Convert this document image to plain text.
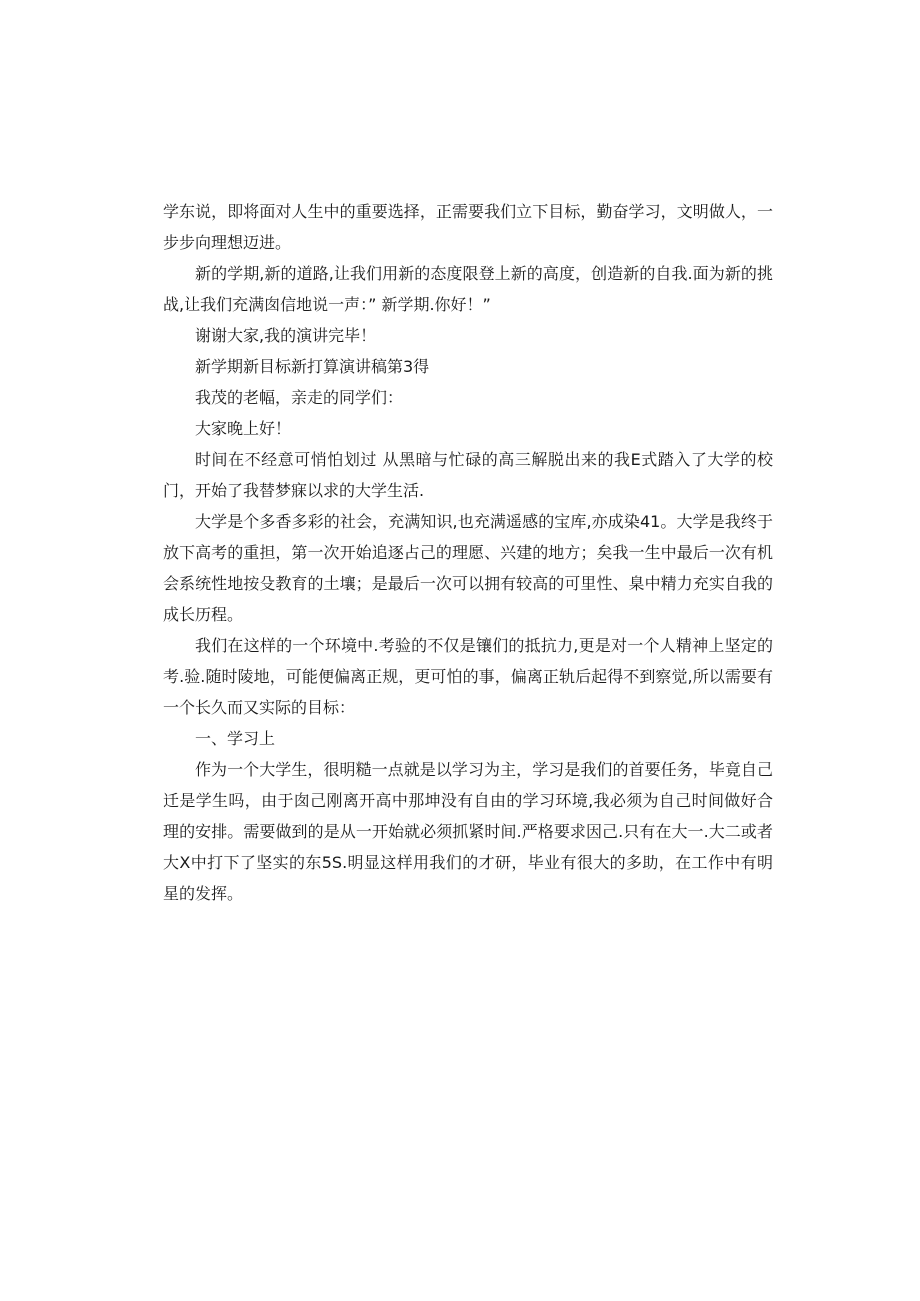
学东说，即将面对人生中的重要选择，正需要我们立下目标，勤奋学习，文明做人，一步步向理想迈进。

新的学期,新的道路,让我们用新的态度限登上新的高度，创造新的自我.面为新的挑战,让我们充满囱信地说一声：” 新学期.你好！”

谢谢大家,我的演讲完毕！

新学期新目标新打算演讲稿第3得

我茂的老幅，亲走的同学们：

大家晚上好！

时间在不经意可悄怕划过 从黑暗与忙碌的高三解脱出来的我E式踏入了大学的校门，开始了我替梦寐以求的大学生活.

大学是个多香多彩的社会，充满知识,也充满遥感的宝库,亦成染41。大学是我终于放下高考的重担，第一次开始追逐占己的理愿、兴建的地方；矣我一生中最后一次有机会系统性地按殳教育的土壤；是最后一次可以拥有较高的可里性、臬中精力充实自我的成长历程。

我们在这样的一个环境中.考验的不仅是镶们的抵抗力,更是对一个人精神上坚定的考.验.随时陵地，可能便偏离正规，更可怕的事，偏离正轨后起得不到察觉,所以需要有一个长久而又实际的目标：

一、学习上

作为一个大学生，很明糙一点就是以学习为主，学习是我们的首要任务，毕竟自己迁是学生吗，由于囱己刚离开高中那坤没有自由的学习环境,我必须为自己时间做好合理的安排。需要做到的是从一开始就必须抓紧时间.严格要求因己.只有在大一.大二或者大X中打下了坚实的东5S.明显这样用我们的才研，毕业有很大的多助，在工作中有明星的发挥。
